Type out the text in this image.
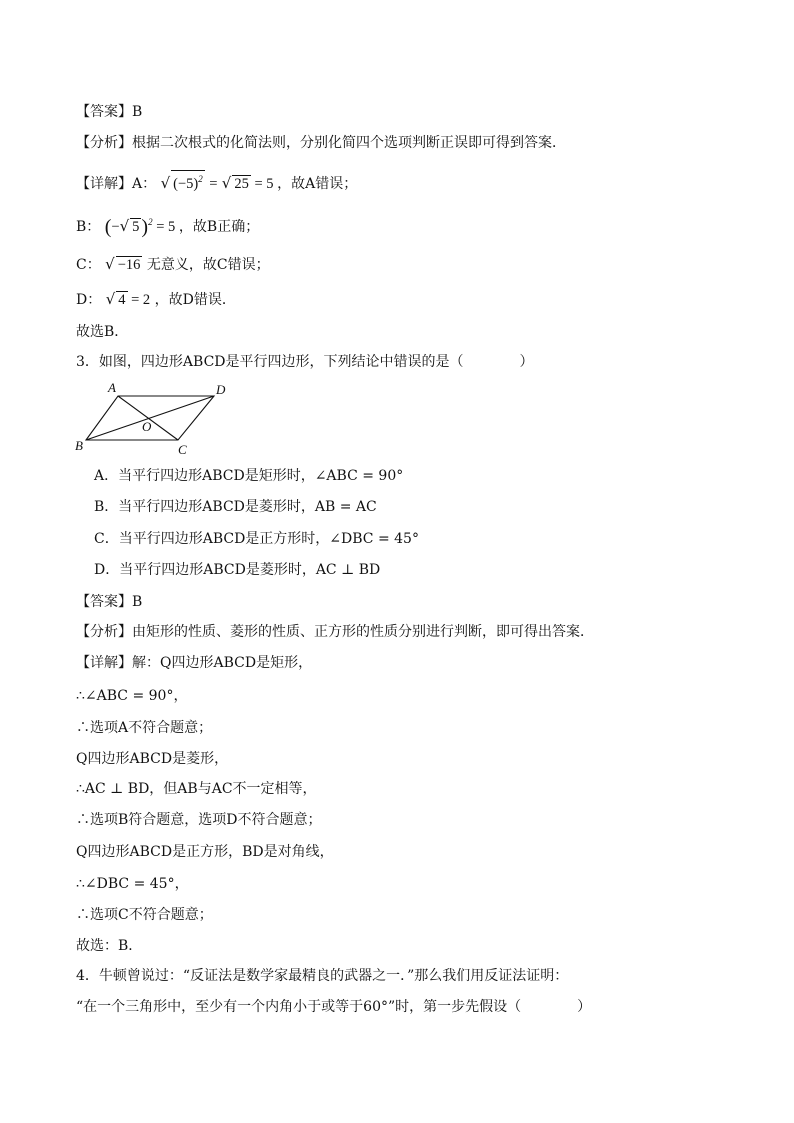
【答案】B
【分析】根据二次根式的化简法则，分别化简四个选项判断正误即可得到答案．
【详解】A： √ $(-5)^2$ = √ 25 = 5 ，故A错误；
B： (−√ 5 )$^2$ = 5 ，故B正确；
C： √ −16 无意义，故C错误；
D： √ 4 = 2 ，故D错误．
故选B．
3．如图，四边形ABCD是平行四边形，下列结论中错误的是（　　　　）
A	D
O
B	C
A．当平行四边形ABCD是矩形时，∠ABC = 90°
B．当平行四边形ABCD是菱形时，AB = AC
C．当平行四边形ABCD是正方形时，∠DBC = 45°
D．当平行四边形ABCD是菱形时，AC ⊥ BD
【答案】B
【分析】由矩形的性质、菱形的性质、正方形的性质分别进行判断，即可得出答案．
【详解】解：Q四边形ABCD是矩形，
∴∠ABC = 90°，
∴选项A不符合题意；
Q四边形ABCD是菱形，
∴AC ⊥ BD，但AB与AC不一定相等，
∴选项B符合题意，选项D不符合题意；
Q四边形ABCD是正方形，BD是对角线，
∴∠DBC = 45°，
∴选项C不符合题意；
故选：B．
4．牛顿曾说过：“反证法是数学家最精良的武器之一．”那么我们用反证法证明：
“在一个三角形中，至少有一个内角小于或等于60°”时，第一步先假设（　　　　）
